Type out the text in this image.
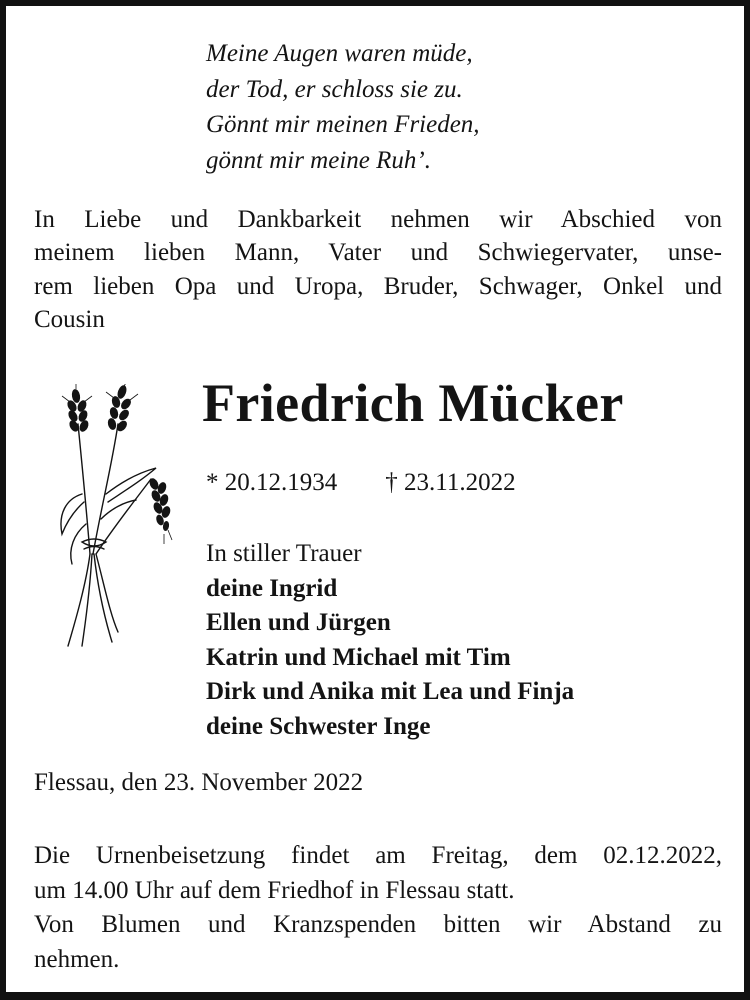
Meine Augen waren müde,
der Tod, er schloss sie zu.
Gönnt mir meinen Frieden,
gönnt mir meine Ruh’.
In Liebe und Dankbarkeit nehmen wir Abschied von
meinem lieben Mann, Vater und Schwiegervater, unse-
rem lieben Opa und Uropa, Bruder, Schwager, Onkel und
Cousin
Friedrich Mücker
* 20.12.1934 † 23.11.2022
In stiller Trauer
deine Ingrid
Ellen und Jürgen
Katrin und Michael mit Tim
Dirk und Anika mit Lea und Finja
deine Schwester Inge
Flessau, den 23. November 2022
Die Urnenbeisetzung findet am Freitag, dem 02.12.2022,
um 14.00 Uhr auf dem Friedhof in Flessau statt.
Von Blumen und Kranzspenden bitten wir Abstand zu
nehmen.
